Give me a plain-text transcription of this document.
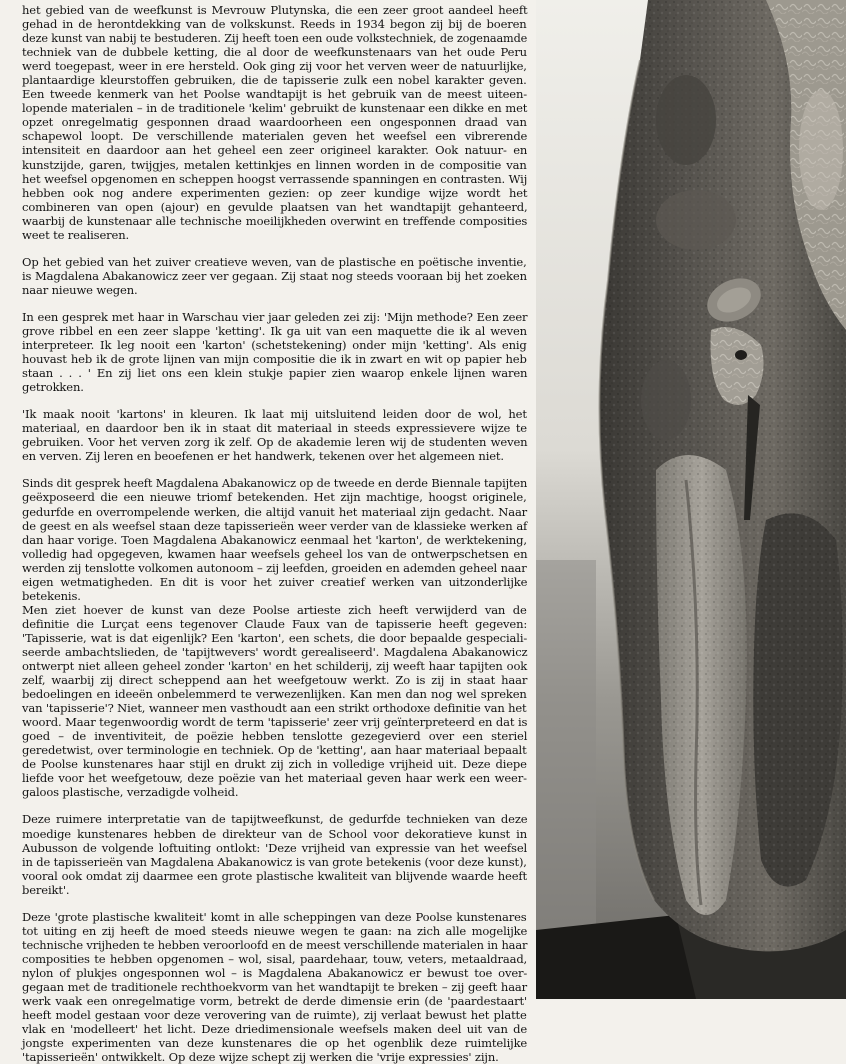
het gebied van de weefkunst is Mevrouw Plutynska, die een zeer groot aandeel heeft
gehad in de herontdekking van de volkskunst. Reeds in 1934 begon zij bij de boeren
deze kunst van nabij te bestuderen. Zij heeft toen een oude volkstechniek, de zogenaamde
techniek van de dubbele ketting, die al door de weefkunstenaars van het oude Peru
werd toegepast, weer in ere hersteld. Ook ging zij voor het verven weer de natuurlijke,
plantaardige kleurstoffen gebruiken, die de tapisserie zulk een nobel karakter geven.
Een tweede kenmerk van het Poolse wandtapijt is het gebruik van de meest uiteen-
lopende materialen – in de traditionele 'kelim' gebruikt de kunstenaar een dikke en met
opzet onregelmatig gesponnen draad waardoorheen een ongesponnen draad van
schapewol loopt. De verschillende materialen geven het weefsel een vibrerende
intensiteit en daardoor aan het geheel een zeer origineel karakter. Ook natuur- en
kunstzijde, garen, twijgjes, metalen kettinkjes en linnen worden in de compositie van
het weefsel opgenomen en scheppen hoogst verrassende spanningen en contrasten. Wij
hebben ook nog andere experimenten gezien: op zeer kundige wijze wordt het
combineren van open (ajour) en gevulde plaatsen van het wandtapijt gehanteerd,
waarbij de kunstenaar alle technische moeilijkheden overwint en treffende composities
weet te realiseren.

Op het gebied van het zuiver creatieve weven, van de plastische en poëtische inventie,
is Magdalena Abakanowicz zeer ver gegaan. Zij staat nog steeds vooraan bij het zoeken
naar nieuwe wegen.

In een gesprek met haar in Warschau vier jaar geleden zei zij: 'Mijn methode? Een zeer
grove ribbel en een zeer slappe 'ketting'. Ik ga uit van een maquette die ik al weven
interpreteer. Ik leg nooit een 'karton' (schetstekening) onder mijn 'ketting'. Als enig
houvast heb ik de grote lijnen van mijn compositie die ik in zwart en wit op papier heb
staan . . . ' En zij liet ons een klein stukje papier zien waarop enkele lijnen waren
getrokken.

'Ik maak nooit 'kartons' in kleuren. Ik laat mij uitsluitend leiden door de wol, het
materiaal, en daardoor ben ik in staat dit materiaal in steeds expressievere wijze te
gebruiken. Voor het verven zorg ik zelf. Op de akademie leren wij de studenten weven
en verven. Zij leren en beoefenen er het handwerk, tekenen over het algemeen niet.

Sinds dit gesprek heeft Magdalena Abakanowicz op de tweede en derde Biennale tapijten
geëxposeerd die een nieuwe triomf betekenden. Het zijn machtige, hoogst originele,
gedurfde en overrompelende werken, die altijd vanuit het materiaal zijn gedacht. Naar
de geest en als weefsel staan deze tapisserieën weer verder van de klassieke werken af
dan haar vorige. Toen Magdalena Abakanowicz eenmaal het 'karton', de werktekening,
volledig had opgegeven, kwamen haar weefsels geheel los van de ontwerpschetsen en
werden zij tenslotte volkomen autonoom – zij leefden, groeiden en ademden geheel naar
eigen wetmatigheden. En dit is voor het zuiver creatief werken van uitzonderlijke
betekenis.
Men ziet hoever de kunst van deze Poolse artieste zich heeft verwijderd van de
definitie die Lurçat eens tegenover Claude Faux van de tapisserie heeft gegeven:
'Tapisserie, wat is dat eigenlijk? Een 'karton', een schets, die door bepaalde gespeciali-
seerde ambachtslieden, de 'tapijtwevers' wordt gerealiseerd'. Magdalena Abakanowicz
ontwerpt niet alleen geheel zonder 'karton' en het schilderij, zij weeft haar tapijten ook
zelf, waarbij zij direct scheppend aan het weefgetouw werkt. Zo is zij in staat haar
bedoelingen en ideeën onbelemmerd te verwezenlijken. Kan men dan nog wel spreken
van 'tapisserie'? Niet, wanneer men vasthoudt aan een strikt orthodoxe definitie van het
woord. Maar tegenwoordig wordt de term 'tapisserie' zeer vrij geïnterpreteerd en dat is
goed – de inventiviteit, de poëzie hebben tenslotte gezegevierd over een steriel
geredetwist, over terminologie en techniek. Op de 'ketting', aan haar materiaal bepaalt
de Poolse kunstenares haar stijl en drukt zij zich in volledige vrijheid uit. Deze diepe
liefde voor het weefgetouw, deze poëzie van het materiaal geven haar werk een weer-
galoos plastische, verzadigde volheid.

Deze ruimere interpretatie van de tapijtweefkunst, de gedurfde technieken van deze
moedige kunstenares hebben de direkteur van de School voor dekoratieve kunst in
Aubusson de volgende loftuiting ontlokt: 'Deze vrijheid van expressie van het weefsel
in de tapisserieën van Magdalena Abakanowicz is van grote betekenis (voor deze kunst),
vooral ook omdat zij daarmee een grote plastische kwaliteit van blijvende waarde heeft
bereikt'.

Deze 'grote plastische kwaliteit' komt in alle scheppingen van deze Poolse kunstenares
tot uiting en zij heeft de moed steeds nieuwe wegen te gaan: na zich alle mogelijke
technische vrijheden te hebben veroorloofd en de meest verschillende materialen in haar
composities te hebben opgenomen – wol, sisal, paardehaar, touw, veters, metaaldraad,
nylon of plukjes ongesponnen wol – is Magdalena Abakanowicz er bewust toe over-
gegaan met de traditionele rechthoekvorm van het wandtapijt te breken – zij geeft haar
werk vaak een onregelmatige vorm, betrekt de derde dimensie erin (de 'paardestaart'
heeft model gestaan voor deze verovering van de ruimte), zij verlaat bewust het platte
vlak en 'modelleert' het licht. Deze driedimensionale weefsels maken deel uit van de
jongste experimenten van deze kunstenares die op het ogenblik deze ruimtelijke
'tapisserieën' ontwikkelt. Op deze wijze schept zij werken die 'vrije expressies' zijn.
